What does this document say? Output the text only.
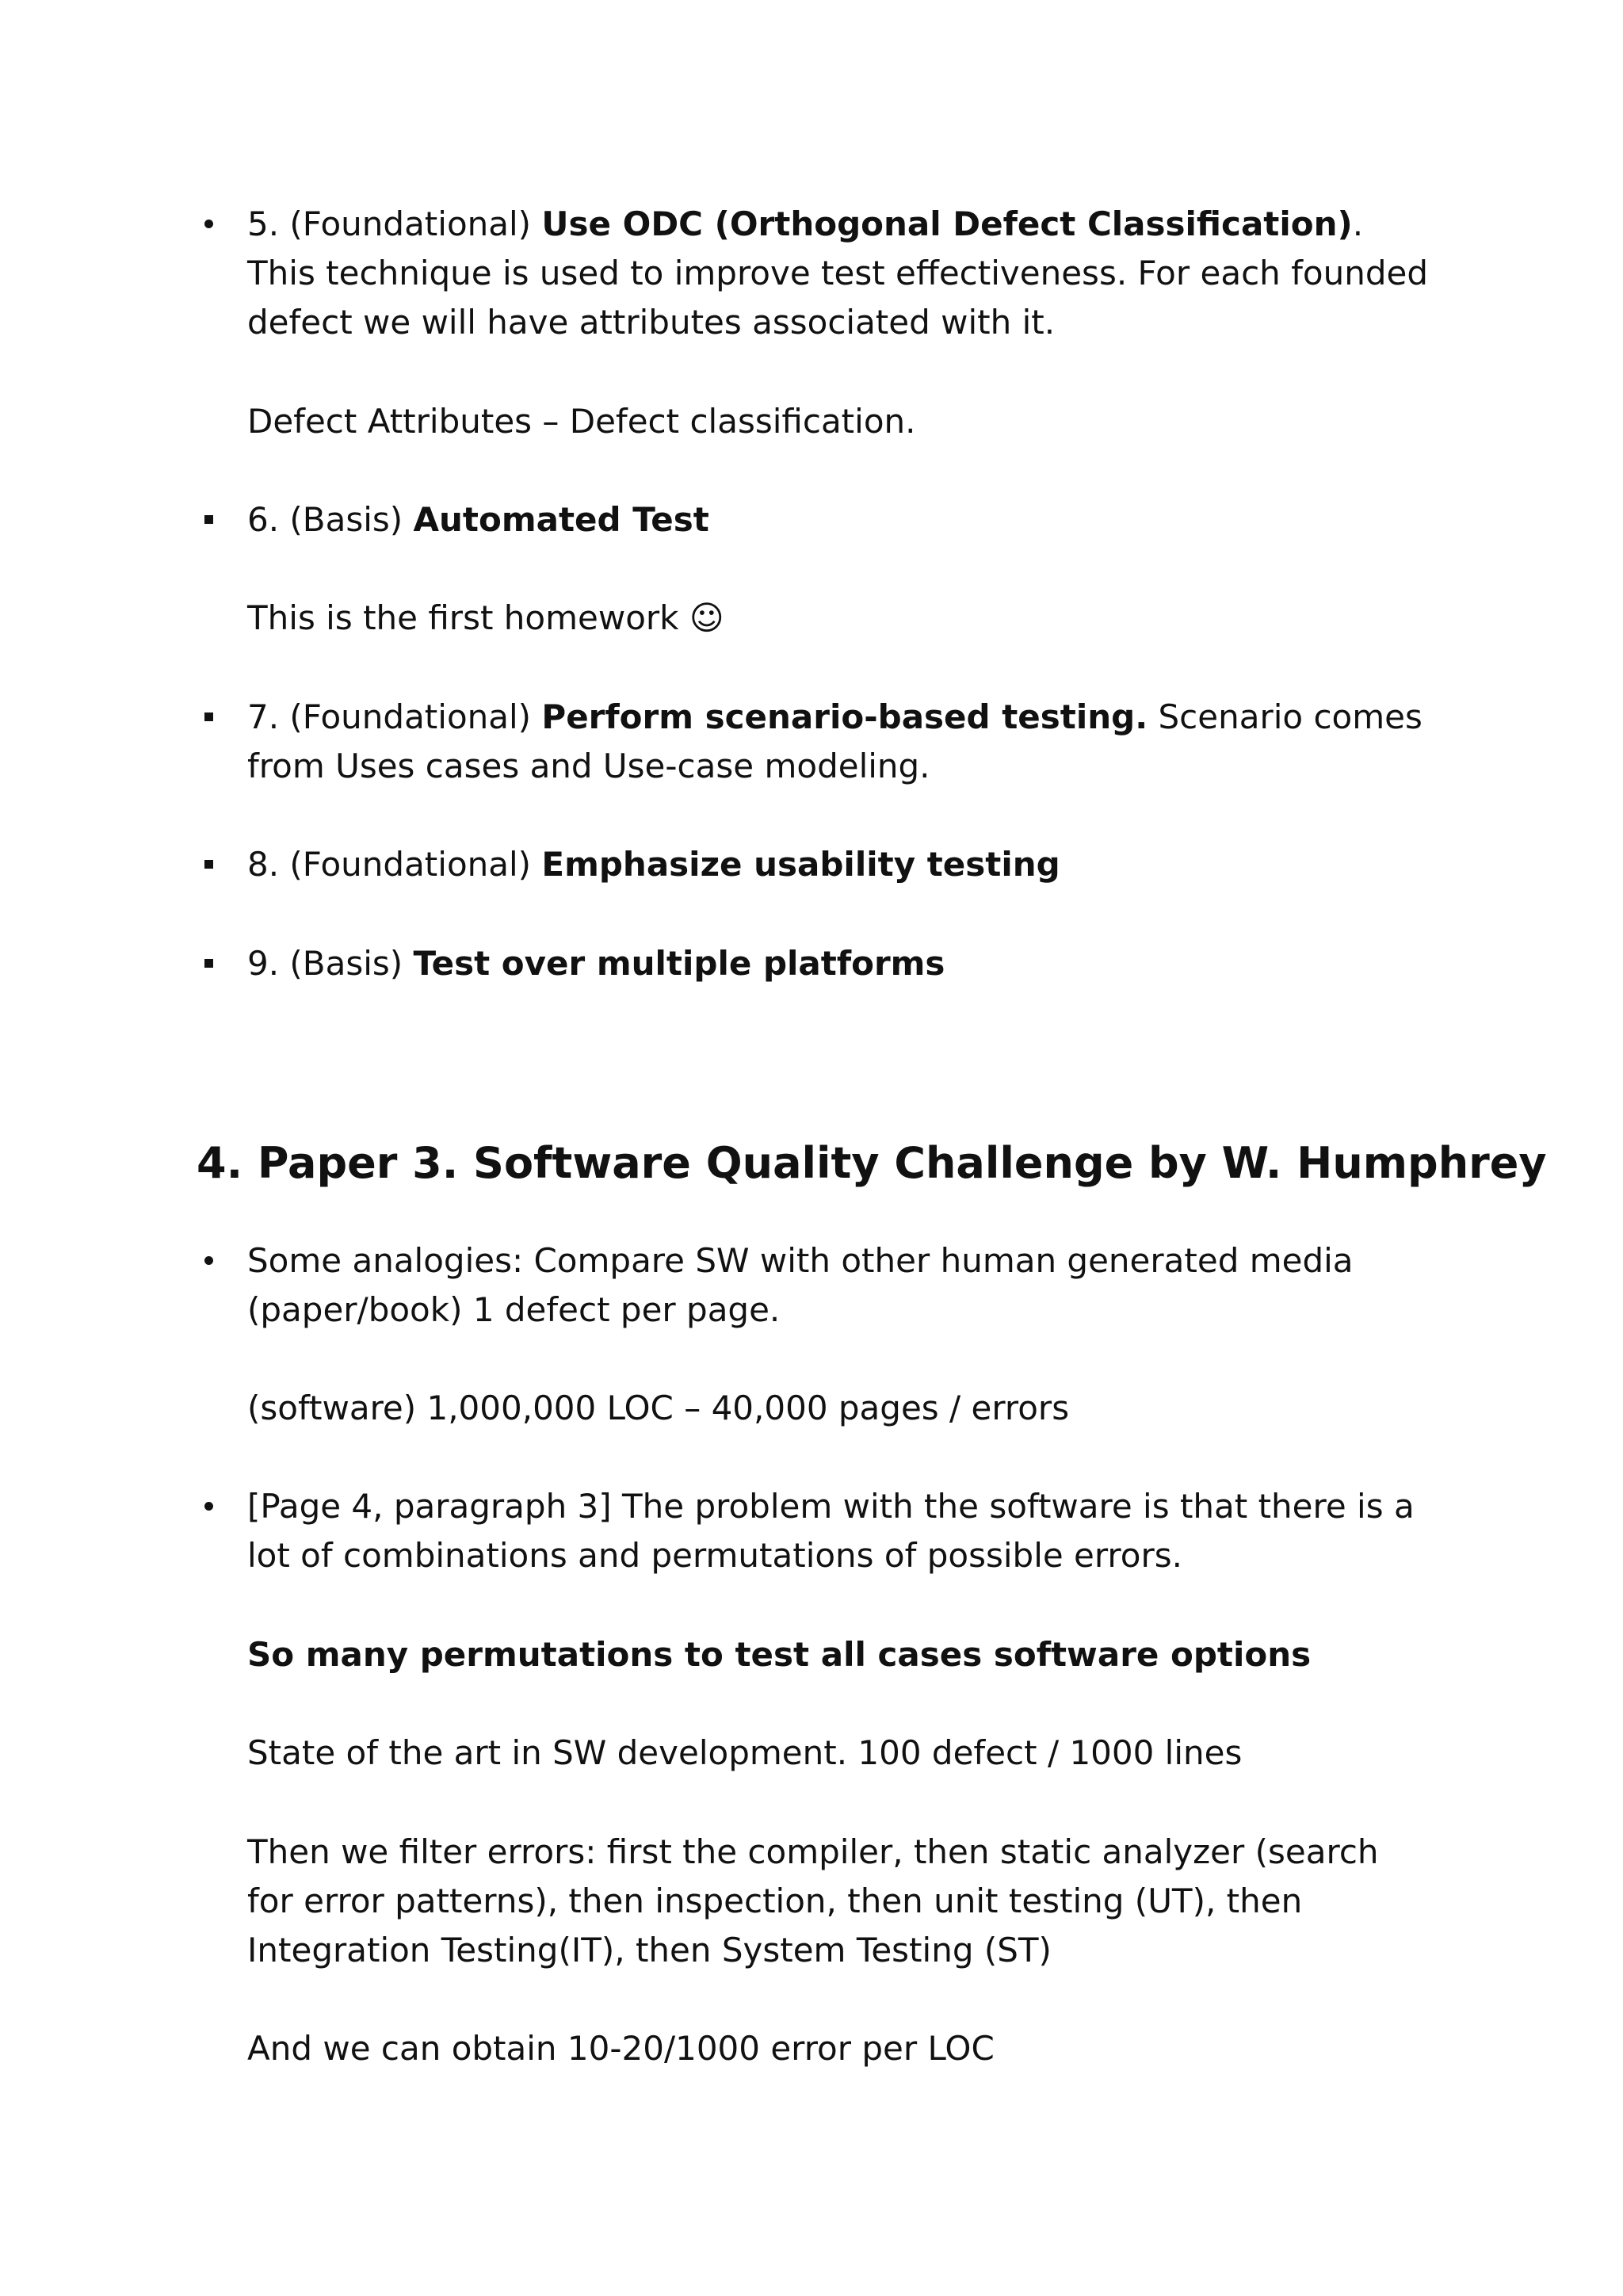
5. (Foundational) Use ODC (Orthogonal Defect Classification).
This technique is used to improve test effectiveness. For each founded
defect we will have attributes associated with it.
Defect Attributes – Defect classification.
6. (Basis) Automated Test
This is the first homework ☺
7. (Foundational) Perform scenario-based testing. Scenario comes
from Uses cases and Use-case modeling.
8. (Foundational) Emphasize usability testing
9. (Basis) Test over multiple platforms
4. Paper 3. Software Quality Challenge by W. Humphrey
Some analogies: Compare SW with other human generated media
(paper/book) 1 defect per page.
(software) 1,000,000 LOC – 40,000 pages / errors
[Page 4, paragraph 3] The problem with the software is that there is a
lot of combinations and permutations of possible errors.
So many permutations to test all cases software options
State of the art in SW development. 100 defect / 1000 lines
Then we filter errors: first the compiler, then static analyzer (search
for error patterns), then inspection, then unit testing (UT), then
Integration Testing(IT), then System Testing (ST)
And we can obtain 10-20/1000 error per LOC
